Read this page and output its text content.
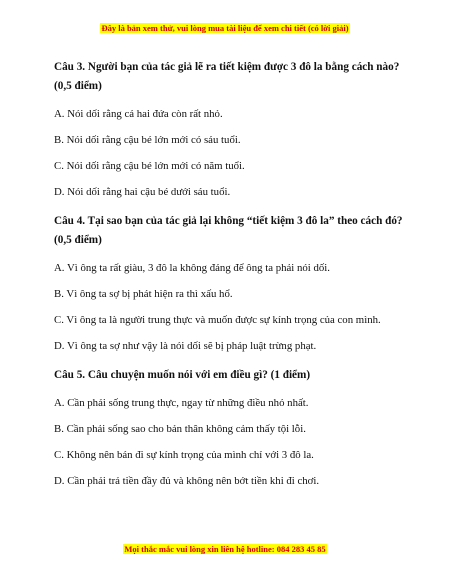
Đây là bản xem thử, vui lòng mua tài liệu để xem chi tiết (có lời giải)

Câu 3. Người bạn của tác giả lẽ ra tiết kiệm được 3 đô la bằng cách nào? (0,5 điểm)

A. Nói dối rằng cả hai đứa còn rất nhỏ.

B. Nói dối rằng cậu bé lớn mới có sáu tuổi.

C. Nói dối rằng cậu bé lớn mới có năm tuổi.

D. Nói dối rằng hai cậu bé dưới sáu tuổi.

Câu 4. Tại sao bạn của tác giả lại không “tiết kiệm 3 đô la” theo cách đó? (0,5 điểm)

A. Vì ông ta rất giàu, 3 đô la không đáng để ông ta phải nói dối.

B. Vì ông ta sợ bị phát hiện ra thì xấu hổ.

C. Vì ông ta là người trung thực và muốn được sự kính trọng của con mình.

D. Vì ông ta sợ như vậy là nói dối sẽ bị pháp luật trừng phạt.

Câu 5. Câu chuyện muốn nói với em điều gì? (1 điểm)

A. Cần phải sống trung thực, ngay từ những điều nhỏ nhất.

B. Cần phải sống sao cho bản thân không cảm thấy tội lỗi.

C. Không nên bán đi sự kính trọng của mình chỉ với 3 đô la.

D. Cần phải trả tiền đầy đủ và không nên bớt tiền khi đi chơi.

Mọi thắc mắc vui lòng xin liên hệ hotline: 084 283 45 85
